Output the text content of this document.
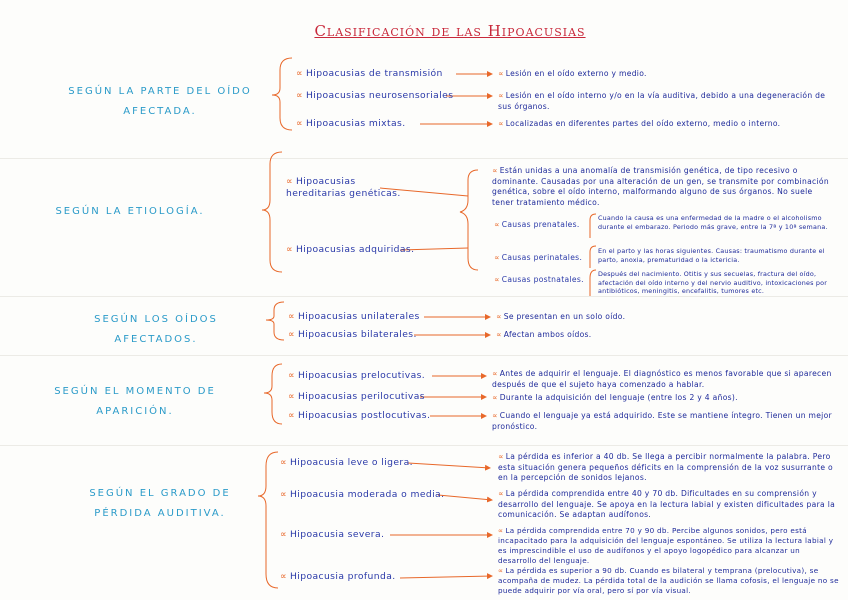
Clasificación de las Hipoacusias
SEGÚN LA PARTE DEL OÍDO AFECTADA.
∝ Hipoacusias de transmisión
∝ Hipoacusias neurosensoriales
∝ Hipoacusias mixtas.
∝ Lesión en el oído externo y medio.
∝ Lesión en el oído interno y/o en la vía auditiva, debido a una degeneración de sus órganos.
∝ Localizadas en diferentes partes del oído externo, medio o interno.
SEGÚN LA ETIOLOGÍA.
∝ Hipoacusias hereditarias genéticas.
∝ Hipoacusias adquiridas.
∝ Están unidas a una anomalía de transmisión genética, de tipo recesivo o dominante. Causadas por una alteración de un gen, se transmite por combinación genética, sobre el oído interno, malformando alguno de sus órganos. No suele tener tratamiento médico.
∝ Causas prenatales.
∝ Causas perinatales.
∝ Causas postnatales.
Cuando la causa es una enfermedad de la madre o el alcoholismo durante el embarazo. Periodo más grave, entre la 7ª y 10ª semana.
En el parto y las horas siguientes. Causas: traumatismo durante el parto, anoxia, prematuridad o la ictericia.
Después del nacimiento. Otitis y sus secuelas, fractura del oído, afectación del oído interno y del nervio auditivo, intoxicaciones por antibióticos, meningitis, encefalitis, tumores etc.
SEGÚN LOS OÍDOS AFECTADOS.
∝ Hipoacusias unilaterales
∝ Hipoacusias bilaterales.
∝ Se presentan en un solo oído.
∝ Afectan ambos oídos.
SEGÚN EL MOMENTO DE APARICIÓN.
∝ Hipoacusias prelocutivas.
∝ Hipoacusias perilocutivas
∝ Hipoacusias postlocutivas.
∝ Antes de adquirir el lenguaje. El diagnóstico es menos favorable que si aparecen después de que el sujeto haya comenzado a hablar.
∝ Durante la adquisición del lenguaje (entre los 2 y 4 años).
∝ Cuando el lenguaje ya está adquirido. Este se mantiene íntegro. Tienen un mejor pronóstico.
SEGÚN EL GRADO DE PÉRDIDA AUDITIVA.
∝ Hipoacusia leve o ligera.
∝ Hipoacusia moderada o media.
∝ Hipoacusia severa.
∝ Hipoacusia profunda.
∝ La pérdida es inferior a 40 db. Se llega a percibir normalmente la palabra. Pero esta situación genera pequeños déficits en la comprensión de la voz susurrante o en la percepción de sonidos lejanos.
∝ La pérdida comprendida entre 40 y 70 db. Dificultades en su comprensión y desarrollo del lenguaje. Se apoya en la lectura labial y existen dificultades para la comunicación. Se adaptan audífonos.
∝ La pérdida comprendida entre 70 y 90 db. Percibe algunos sonidos, pero está incapacitado para la adquisición del lenguaje espontáneo. Se utiliza la lectura labial y es imprescindible el uso de audífonos y el apoyo logopédico para alcanzar un desarrollo del lenguaje.
∝ La pérdida es superior a 90 db. Cuando es bilateral y temprana (prelocutiva), se acompaña de mudez. La pérdida total de la audición se llama cofosis, el lenguaje no se puede adquirir por vía oral, pero sí por vía visual.
